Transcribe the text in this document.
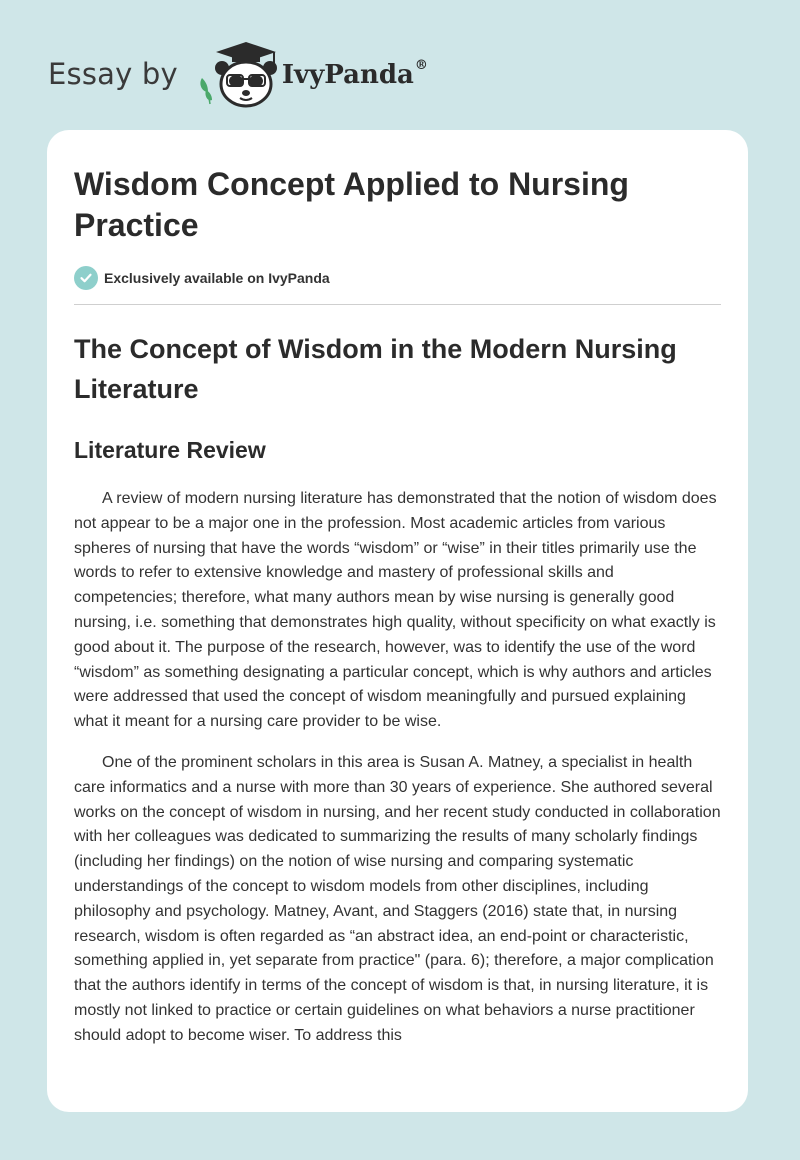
Essay by	IvyPanda®
Wisdom Concept Applied to Nursing Practice
Exclusively available on IvyPanda
The Concept of Wisdom in the Modern Nursing Literature
Literature Review

A review of modern nursing literature has demonstrated that the notion of wisdom does not appear to be a major one in the profession. Most academic articles from various spheres of nursing that have the words “wisdom” or “wise” in their titles primarily use the words to refer to extensive knowledge and mastery of professional skills and competencies; therefore, what many authors mean by wise nursing is generally good nursing, i.e. something that demonstrates high quality, without specificity on what exactly is good about it. The purpose of the research, however, was to identify the use of the word “wisdom” as something designating a particular concept, which is why authors and articles were addressed that used the concept of wisdom meaningfully and pursued explaining what it meant for a nursing care provider to be wise.

One of the prominent scholars in this area is Susan A. Matney, a specialist in health care informatics and a nurse with more than 30 years of experience. She authored several works on the concept of wisdom in nursing, and her recent study conducted in collaboration with her colleagues was dedicated to summarizing the results of many scholarly findings (including her findings) on the notion of wise nursing and comparing systematic understandings of the concept to wisdom models from other disciplines, including philosophy and psychology. Matney, Avant, and Staggers (2016) state that, in nursing research, wisdom is often regarded as “an abstract idea, an end-point or characteristic, something applied in, yet separate from practice" (para. 6); therefore, a major complication that the authors identify in terms of the concept of wisdom is that, in nursing literature, it is mostly not linked to practice or certain guidelines on what behaviors a nurse practitioner should adopt to become wiser. To address this
